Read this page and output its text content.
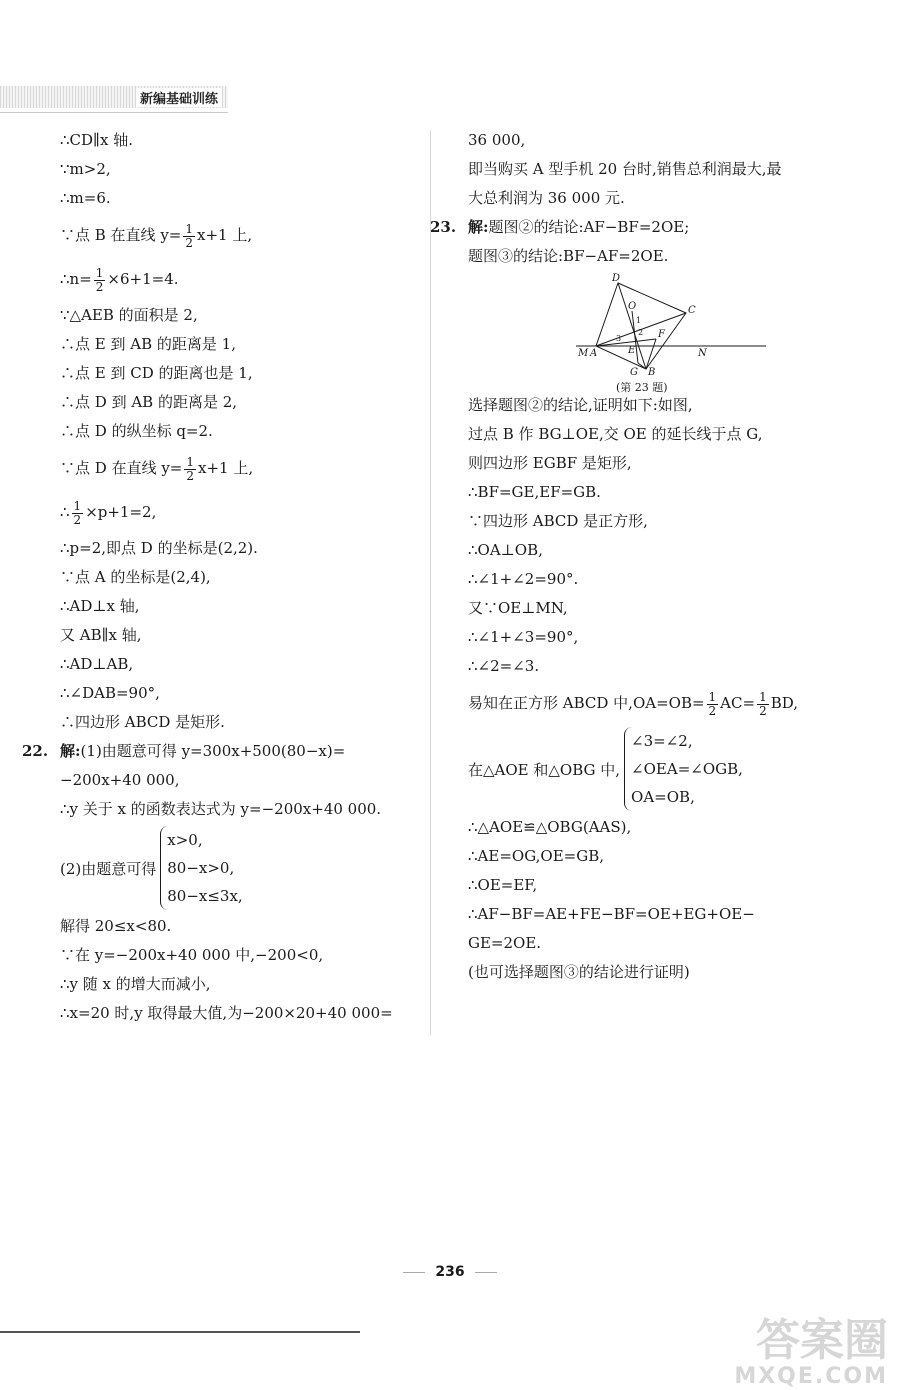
新编基础训练
∴CD∥x 轴.
∵m>2,
∴m=6.
∵点 B 在直线 $y= \frac{1}{2} x+1$ 上,
∴n= $\frac{1}{2} \times 6+1=4$.
∵△AEB 的面积是 2,
∴点 E 到 AB 的距离是 1,
∴点 E 到 CD 的距离也是 1,
∴点 D 到 AB 的距离是 2,
∴点 D 的纵坐标 q=2.
∵点 D 在直线 $y= \frac{1}{2} x+1$ 上,
∴ $\frac{1}{2} \times p+1=2$,
∴p=2,即点 D 的坐标是(2,2).
∵点 A 的坐标是(2,4),
∴AD⊥x 轴,
又 AB∥x 轴,
∴AD⊥AB,
∴∠DAB=90°,
∴四边形 ABCD 是矩形.
22. 解:(1)由题意可得 y=300x+500(80−x)=
−200x+40 000,
∴y 关于 x 的函数表达式为 y=−200x+40 000.
(2)由题意可得
x>0,
80−x>0,
80−x≤3x,
解得 20≤x<80.
∵在 y=−200x+40 000 中,−200<0,
∴y 随 x 的增大而减小,
∴x=20 时,y 取得最大值,为−200×20+40 000=
36 000,
即当购买 A 型手机 20 台时,销售总利润最大,最
大总利润为 36 000 元.
23. 解:题图②的结论:AF−BF=2OE;
题图③的结论:BF−AF=2OE.
D
C
O
M A	E
F
N
G B
1
2
3
(第 23 题)
选择题图②的结论,证明如下:如图,
过点 B 作 BG⊥OE,交 OE 的延长线于点 G,
则四边形 EGBF 是矩形,
∴BF=GE,EF=GB.
∵四边形 ABCD 是正方形,
∴OA⊥OB,
∴∠1+∠2=90°.
又∵OE⊥MN,
∴∠1+∠3=90°,
∴∠2=∠3.
易知在正方形 ABCD 中$,OA=OB= \frac{1}{2} AC= \frac{1}{2}$ BD,
在△AOE 和△OBG 中,
∠3=∠2,
∠OEA=∠OGB,
OA=OB,
∴△AOE≌△OBG(AAS),
∴AE=OG,OE=GB,
∴OE=EF,
∴AF−BF=AE+FE−BF=OE+EG+OE−
GE=2OE.
(也可选择题图③的结论进行证明)
236
答案圈
MXQE.COM
